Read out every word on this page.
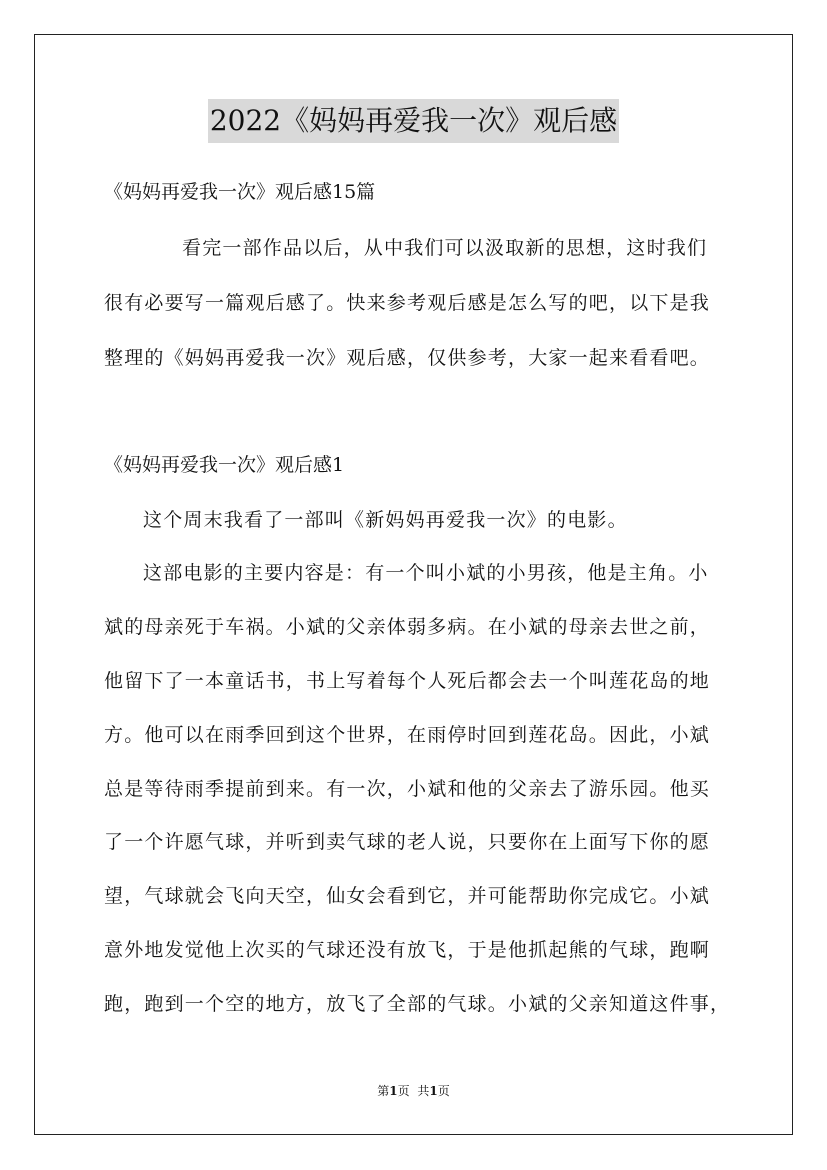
2022《妈妈再爱我一次》观后感
《妈妈再爱我一次》观后感15篇
看完一部作品以后，从中我们可以汲取新的思想，这时我们
很有必要写一篇观后感了。快来参考观后感是怎么写的吧，以下是我
整理的《妈妈再爱我一次》观后感，仅供参考，大家一起来看看吧。
《妈妈再爱我一次》观后感1
这个周末我看了一部叫《新妈妈再爱我一次》的电影。
这部电影的主要内容是：有一个叫小斌的小男孩，他是主角。小
斌的母亲死于车祸。小斌的父亲体弱多病。在小斌的母亲去世之前，
他留下了一本童话书，书上写着每个人死后都会去一个叫莲花岛的地
方。他可以在雨季回到这个世界，在雨停时回到莲花岛。因此，小斌
总是等待雨季提前到来。有一次，小斌和他的父亲去了游乐园。他买
了一个许愿气球，并听到卖气球的老人说，只要你在上面写下你的愿
望，气球就会飞向天空，仙女会看到它，并可能帮助你完成它。小斌
意外地发觉他上次买的气球还没有放飞，于是他抓起熊的气球，跑啊
跑，跑到一个空的地方，放飞了全部的气球。小斌的父亲知道这件事，
第1页 共1页
